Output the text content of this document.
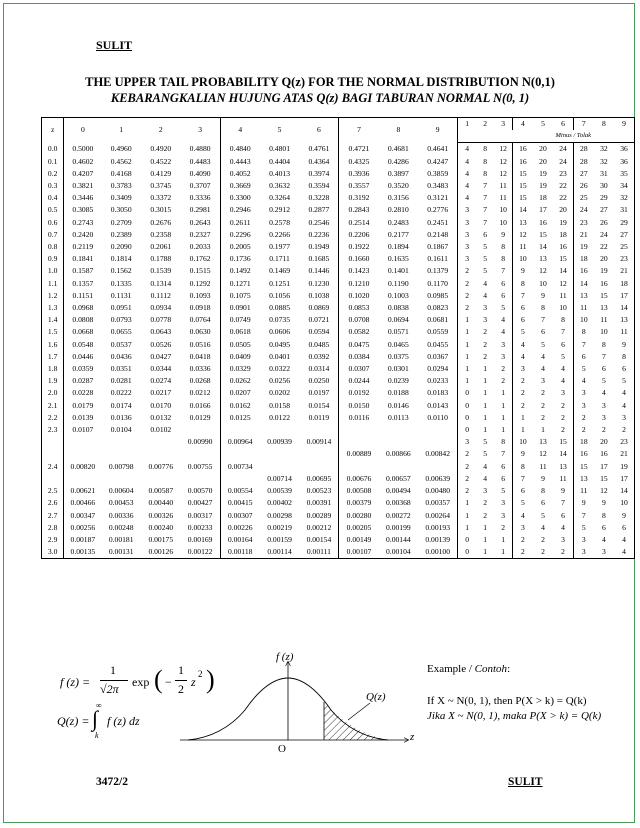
SULIT
THE UPPER TAIL PROBABILITY Q(z) FOR THE NORMAL DISTRIBUTION N(0,1)
KEBARANGKALIAN HUJUNG ATAS Q(z) BAGI TABURAN NORMAL N(0, 1)
z	0	1	2	3	4	5	6	7	8	9	1	2	3	4	5	6	7	8	9
														Minus / Tolak					
0.0	0.5000	0.4960	0.4920	0.4880	0.4840	0.4801	0.4761	0.4721	0.4681	0.4641	4	8	12	16	20	24	28	32	36
0.1	0.4602	0.4562	0.4522	0.4483	0.4443	0.4404	0.4364	0.4325	0.4286	0.4247	4	8	12	16	20	24	28	32	36
0.2	0.4207	0.4168	0.4129	0.4090	0.4052	0.4013	0.3974	0.3936	0.3897	0.3859	4	8	12	15	19	23	27	31	35
0.3	0.3821	0.3783	0.3745	0.3707	0.3669	0.3632	0.3594	0.3557	0.3520	0.3483	4	7	11	15	19	22	26	30	34
0.4	0.3446	0.3409	0.3372	0.3336	0.3300	0.3264	0.3228	0.3192	0.3156	0.3121	4	7	11	15	18	22	25	29	32
0.5	0.3085	0.3050	0.3015	0.2981	0.2946	0.2912	0.2877	0.2843	0.2810	0.2776	3	7	10	14	17	20	24	27	31
0.6	0.2743	0.2709	0.2676	0.2643	0.2611	0.2578	0.2546	0.2514	0.2483	0.2451	3	7	10	13	16	19	23	26	29
0.7	0.2420	0.2389	0.2358	0.2327	0.2296	0.2266	0.2236	0.2206	0.2177	0.2148	3	6	9	12	15	18	21	24	27
0.8	0.2119	0.2090	0.2061	0.2033	0.2005	0.1977	0.1949	0.1922	0.1894	0.1867	3	5	8	11	14	16	19	22	25
0.9	0.1841	0.1814	0.1788	0.1762	0.1736	0.1711	0.1685	0.1660	0.1635	0.1611	3	5	8	10	13	15	18	20	23
1.0	0.1587	0.1562	0.1539	0.1515	0.1492	0.1469	0.1446	0.1423	0.1401	0.1379	2	5	7	9	12	14	16	19	21
1.1	0.1357	0.1335	0.1314	0.1292	0.1271	0.1251	0.1230	0.1210	0.1190	0.1170	2	4	6	8	10	12	14	16	18
1.2	0.1151	0.1131	0.1112	0.1093	0.1075	0.1056	0.1038	0.1020	0.1003	0.0985	2	4	6	7	9	11	13	15	17
1.3	0.0968	0.0951	0.0934	0.0918	0.0901	0.0885	0.0869	0.0853	0.0838	0.0823	2	3	5	6	8	10	11	13	14
1.4	0.0808	0.0793	0.0778	0.0764	0.0749	0.0735	0.0721	0.0708	0.0694	0.0681	1	3	4	6	7	8	10	11	13
1.5	0.0668	0.0655	0.0643	0.0630	0.0618	0.0606	0.0594	0.0582	0.0571	0.0559	1	2	4	5	6	7	8	10	11
1.6	0.0548	0.0537	0.0526	0.0516	0.0505	0.0495	0.0485	0.0475	0.0465	0.0455	1	2	3	4	5	6	7	8	9
1.7	0.0446	0.0436	0.0427	0.0418	0.0409	0.0401	0.0392	0.0384	0.0375	0.0367	1	2	3	4	4	5	6	7	8
1.8	0.0359	0.0351	0.0344	0.0336	0.0329	0.0322	0.0314	0.0307	0.0301	0.0294	1	1	2	3	4	4	5	6	6
1.9	0.0287	0.0281	0.0274	0.0268	0.0262	0.0256	0.0250	0.0244	0.0239	0.0233	1	1	2	2	3	4	4	5	5
2.0	0.0228	0.0222	0.0217	0.0212	0.0207	0.0202	0.0197	0.0192	0.0188	0.0183	0	1	1	2	2	3	3	4	4
2.1	0.0179	0.0174	0.0170	0.0166	0.0162	0.0158	0.0154	0.0150	0.0146	0.0143	0	1	1	2	2	2	3	3	4
2.2	0.0139	0.0136	0.0132	0.0129	0.0125	0.0122	0.0119	0.0116	0.0113	0.0110	0	1	1	1	2	2	2	3	3
2.3	0.0107	0.0104	0.0102								0	1	1	1	1	2	2	2	2
				0.00990	0.00964	0.00939	0.00914				3	5	8	10	13	15	18	20	23
								0.00889	0.00866	0.00842	2	5	7	9	12	14	16	16	21
2.4	0.00820	0.00798	0.00776	0.00755	0.00734						2	4	6	8	11	13	15	17	19
						0.00714	0.00695	0.00676	0.00657	0.00639	2	4	6	7	9	11	13	15	17
2.5	0.00621	0.00604	0.00587	0.00570	0.00554	0.00539	0.00523	0.00508	0.00494	0.00480	2	3	5	6	8	9	11	12	14
2.6	0.00466	0.00453	0.00440	0.00427	0.00415	0.00402	0.00391	0.00379	0.00368	0.00357	1	2	3	5	6	7	9	9	10
2.7	0.00347	0.00336	0.00326	0.00317	0.00307	0.00298	0.00289	0.00280	0.00272	0.00264	1	2	3	4	5	6	7	8	9
2.8	0.00256	0.00248	0.00240	0.00233	0.00226	0.00219	0.00212	0.00205	0.00199	0.00193	1	1	2	3	4	4	5	6	6
2.9	0.00187	0.00181	0.00175	0.00169	0.00164	0.00159	0.00154	0.00149	0.00144	0.00139	0	1	1	2	2	3	3	4	4
3.0	0.00135	0.00131	0.00126	0.00122	0.00118	0.00114	0.00111	0.00107	0.00104	0.00100	0	1	1	2	2	2	3	3	4
f (z) =
1
√2π exp ( −
1
2 z
2 )
Q(z) =
∞
∫
k
f (z) dz
f (z)
Q(z)
z
O
Example / Contoh:
If X ~ N(0, 1), then P(X > k) = Q(k)
Jika X ~ N(0, 1), maka P(X > k) = Q(k)
3472/2	SULIT
